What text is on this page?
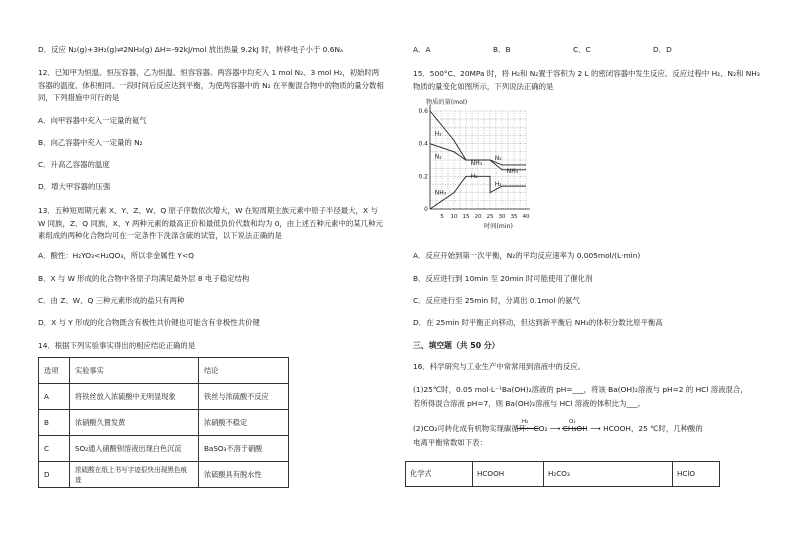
D．反应 N₂(g)+3H₂(g)⇌2NH₃(g) ΔH=-92kJ/mol 放出热量 9.2kJ 时，转移电子小于 0.6Nₐ
12．已知甲为恒温、恒压容器，乙为恒温、恒容容器。两容器中均充入 1 mol N₂、3 mol H₂，初始时两容器的温度、体积相同。一段时间后反应达到平衡，为使两容器中的 N₂ 在平衡混合物中的物质的量分数相同，下列措施中可行的是
A．向甲容器中充入一定量的氦气
B．向乙容器中充入一定量的 N₂
C．升高乙容器的温度
D．增大甲容器的压强
13．五种短周期元素 X、Y、Z、W、Q 原子序数依次增大，W 在短周期主族元素中原子半径最大，X 与 W 同族，Z、Q 同族，X、Y 两种元素的最高正价和最低负价代数和均为 0，由上述五种元素中的某几种元素组成的两种化合物均可在一定条件下洗涤含硫的试管，以下说法正确的是
A．酸性：H₂YO₃<H₂QO₃，所以非金属性 Y<Q
B．X 与 W 形成的化合物中各原子均满足最外层 8 电子稳定结构
C．由 Z、W、Q 三种元素形成的盐只有两种
D．X 与 Y 形成的化合物既含有极性共价键也可能含有非极性共价键
14．根据下列实验事实得出的相应结论正确的是
选项	实验事实	结论
A	将铁丝放入浓硫酸中无明显现象	铁丝与浓硫酸不反应
B	浓硝酸久置发黄	浓硝酸不稳定
C	SO₂通入硝酸钡溶液出现白色沉淀	BaSO₃不溶于硝酸
D	浓硫酸在纸上书写字迹很快出现黑色痕迹	浓硫酸具有脱水性
A．A	B．B	C．C	D．D
15．500°C、20MPa 时，将 H₂和 N₂置于容积为 2 L 的密闭容器中发生反应。反应过程中 H₂、N₂和 NH₃物质的量变化如图所示，下列说法正确的是
物质的量(mol)
时间(min)
0
0.2
0.4
0.6
5 10 15 20 25 30 35 40
H₂
N₂
NH₃
H₂
N₂
NH₃
NH₃
H₂
A．反应开始到第一次平衡，N₂的平均反应速率为 0.005mol/(L·min)
B．反应进行到 10min 至 20min 时可能使用了催化剂
C．反应进行至 25min 时，分离出 0.1mol 的氨气
D．在 25min 时平衡正向移动，但达到新平衡后 NH₃的体积分数比原平衡高
三、填空题（共 50 分）
16．科学研究与工业生产中常常用到溶液中的反应。
(1)25℃时，0.05 mol·L⁻¹Ba(OH)₂溶液的 pH=___，将该 Ba(OH)₂溶液与 pH=2 的 HCl 溶液混合，
若所得混合溶液 pH=7，则 Ba(OH)₂溶液与 HCl 溶液的体积比为___。
(2)CO₂可转化成有机物实现碳循环：CO₂ ⟶ CH₃OH ⟶ HCOOH，25 ℃时，几种酸的
H₂	O₂
电离平衡常数如下表：
化学式	HCOOH	H₂CO₃	HClO
